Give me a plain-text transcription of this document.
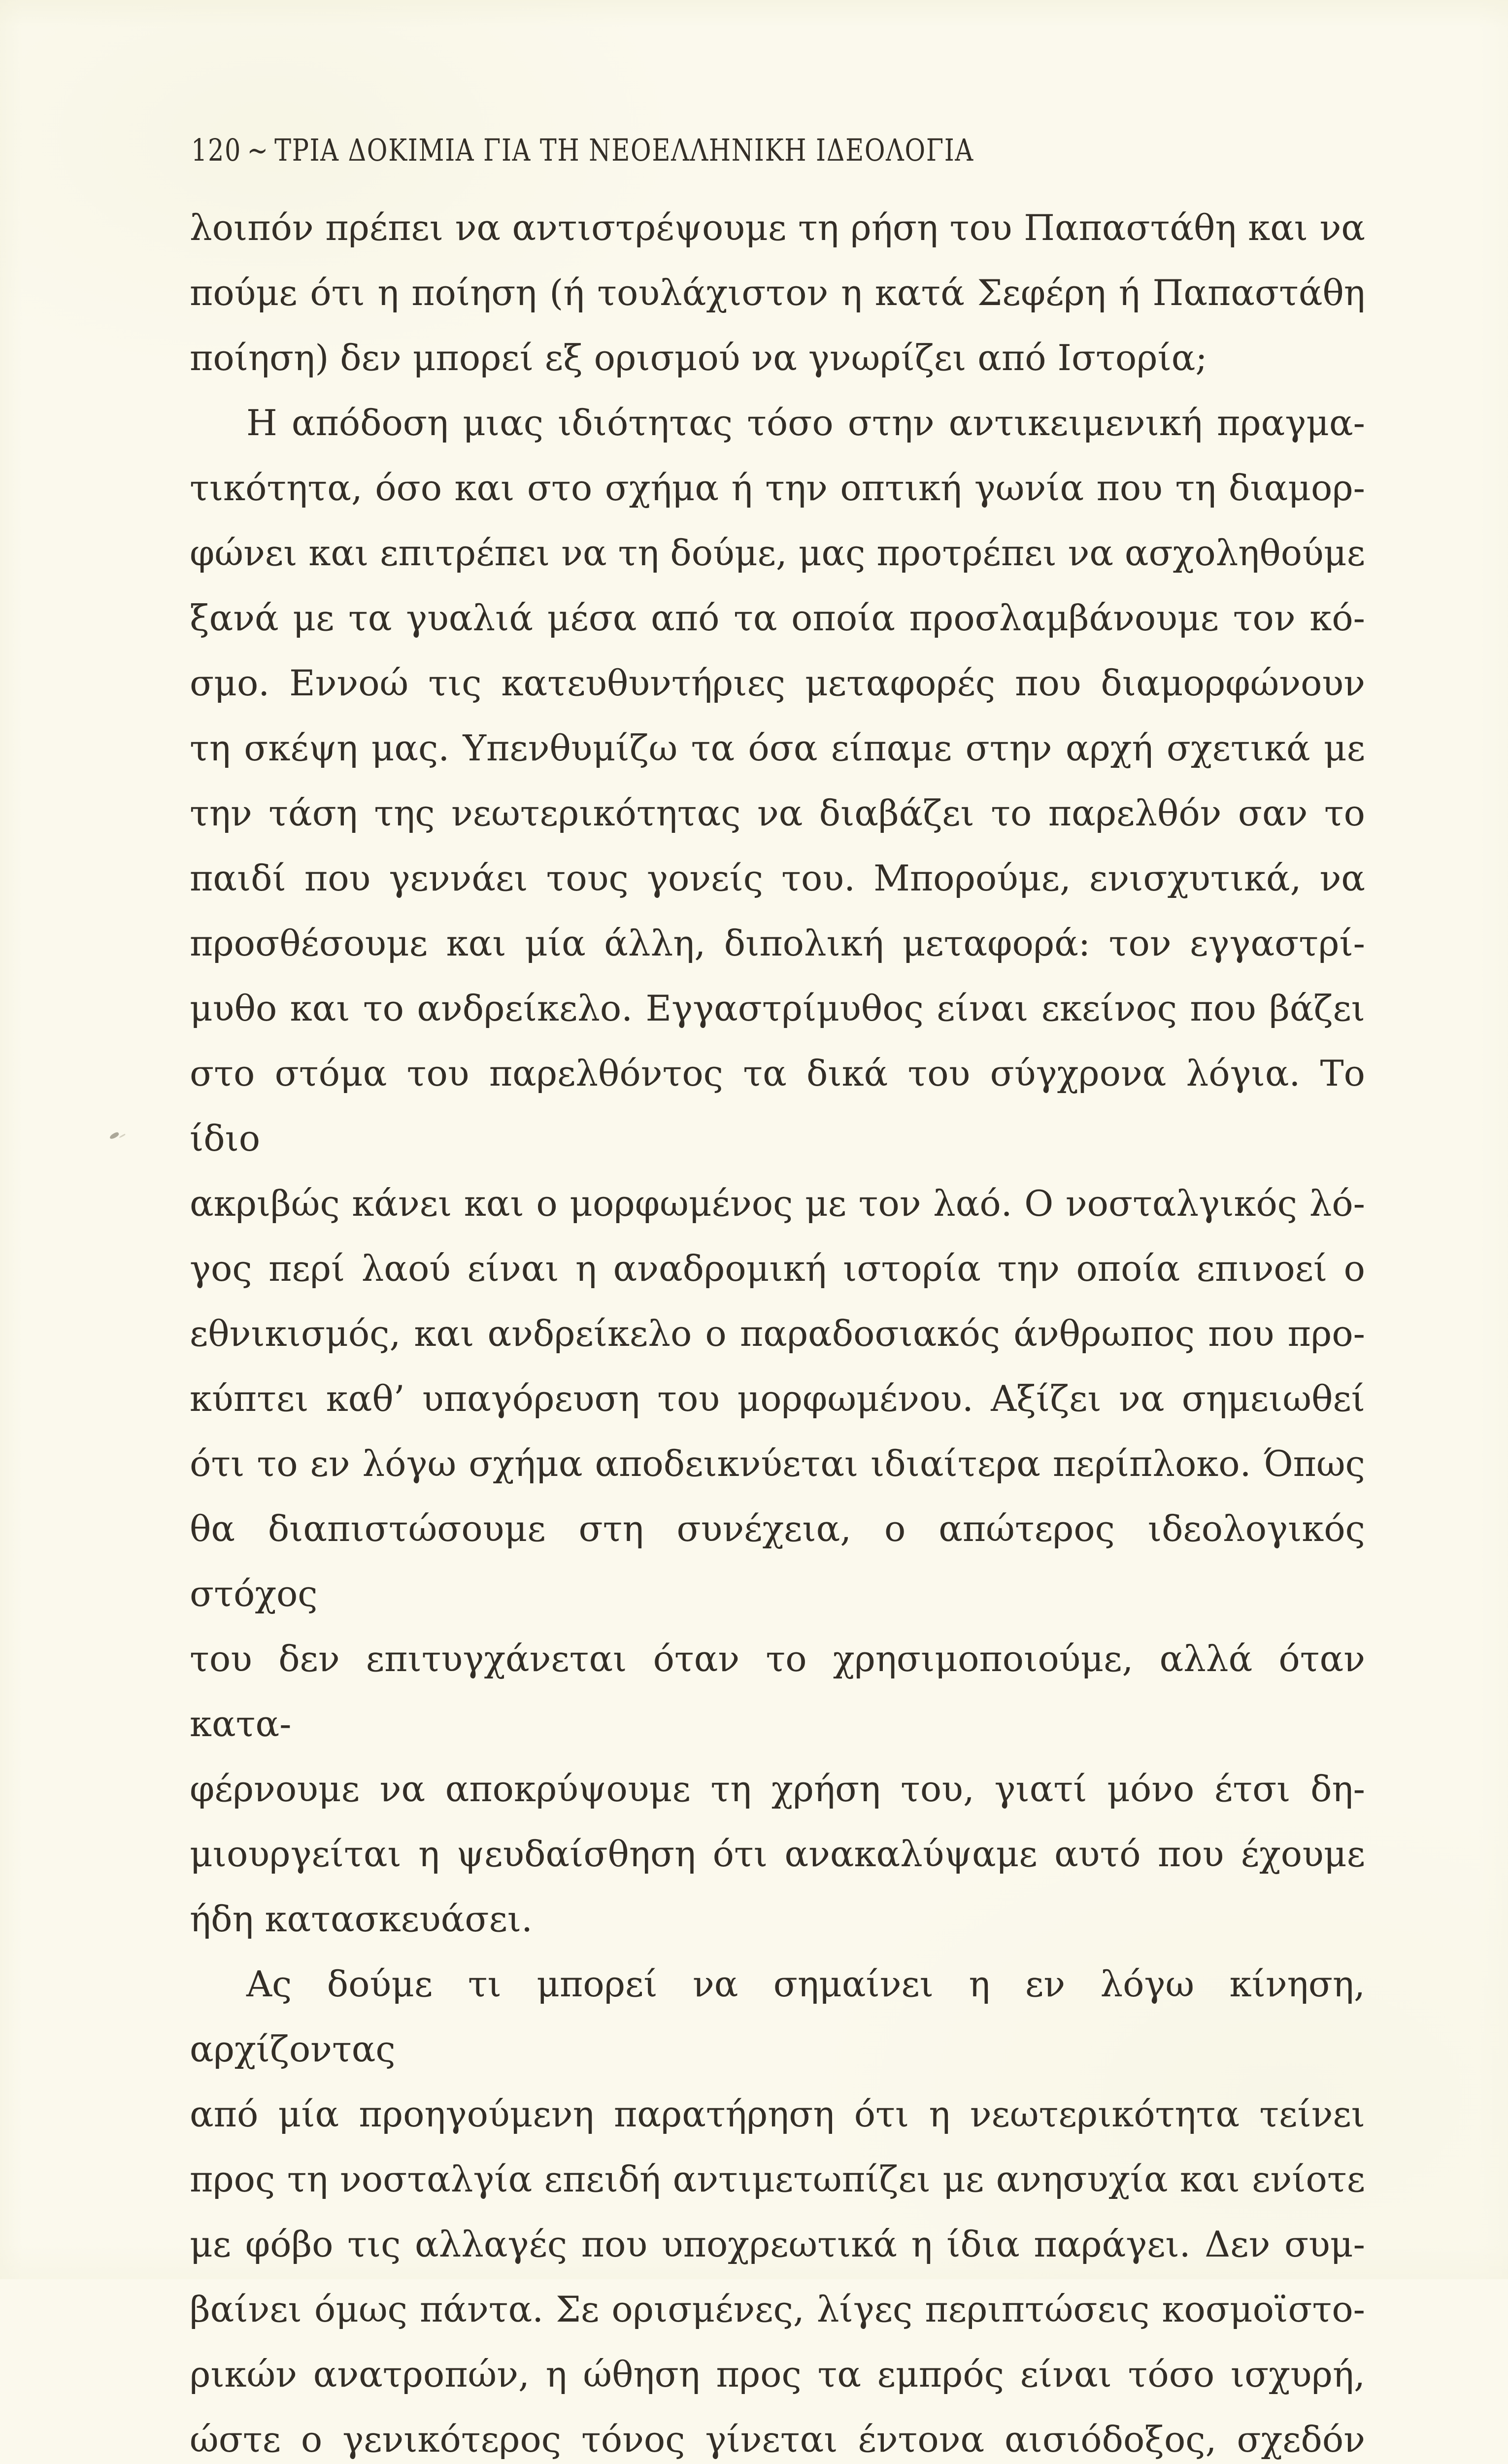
120 ~ ΤΡΙΑ ΔΟΚΙΜΙΑ ΓΙΑ ΤΗ ΝΕΟΕΛΛΗΝΙΚΗ ΙΔΕΟΛΟΓΙΑ
λοιπόν πρέπει να αντιστρέψουμε τη ρήση του Παπαστάθη και να
πούμε ότι η ποίηση (ή τουλάχιστον η κατά Σεφέρη ή Παπαστάθη
ποίηση) δεν μπορεί εξ ορισμού να γνωρίζει από Ιστορία;
Η απόδοση μιας ιδιότητας τόσο στην αντικειμενική πραγμα-
τικότητα, όσο και στο σχήμα ή την οπτική γωνία που τη διαμορ-
φώνει και επιτρέπει να τη δούμε, μας προτρέπει να ασχοληθούμε
ξανά με τα γυαλιά μέσα από τα οποία προσλαμβάνουμε τον κό-
σμο. Εννοώ τις κατευθυντήριες μεταφορές που διαμορφώνουν
τη σκέψη μας. Υπενθυμίζω τα όσα είπαμε στην αρχή σχετικά με
την τάση της νεωτερικότητας να διαβάζει το παρελθόν σαν το
παιδί που γεννάει τους γονείς του. Μπορούμε, ενισχυτικά, να
προσθέσουμε και μία άλλη, διπολική μεταφορά: τον εγγαστρί-
μυθο και το ανδρείκελο. Εγγαστρίμυθος είναι εκείνος που βάζει
στο στόμα του παρελθόντος τα δικά του σύγχρονα λόγια. Το ίδιο
ακριβώς κάνει και ο μορφωμένος με τον λαό. Ο νοσταλγικός λό-
γος περί λαού είναι η αναδρομική ιστορία την οποία επινοεί ο
εθνικισμός, και ανδρείκελο ο παραδοσιακός άνθρωπος που προ-
κύπτει καθ’ υπαγόρευση του μορφωμένου. Αξίζει να σημειωθεί
ότι το εν λόγω σχήμα αποδεικνύεται ιδιαίτερα περίπλοκο. Όπως
θα διαπιστώσουμε στη συνέχεια, ο απώτερος ιδεολογικός στόχος
του δεν επιτυγχάνεται όταν το χρησιμοποιούμε, αλλά όταν κατα-
φέρνουμε να αποκρύψουμε τη χρήση του, γιατί μόνο έτσι δη-
μιουργείται η ψευδαίσθηση ότι ανακαλύψαμε αυτό που έχουμε
ήδη κατασκευάσει.
Ας δούμε τι μπορεί να σημαίνει η εν λόγω κίνηση, αρχίζοντας
από μία προηγούμενη παρατήρηση ότι η νεωτερικότητα τείνει
προς τη νοσταλγία επειδή αντιμετωπίζει με ανησυχία και ενίοτε
με φόβο τις αλλαγές που υποχρεωτικά η ίδια παράγει. Δεν συμ-
βαίνει όμως πάντα. Σε ορισμένες, λίγες περιπτώσεις κοσμοϊστο-
ρικών ανατροπών, η ώθηση προς τα εμπρός είναι τόσο ισχυρή,
ώστε ο γενικότερος τόνος γίνεται έντονα αισιόδοξος, σχεδόν
